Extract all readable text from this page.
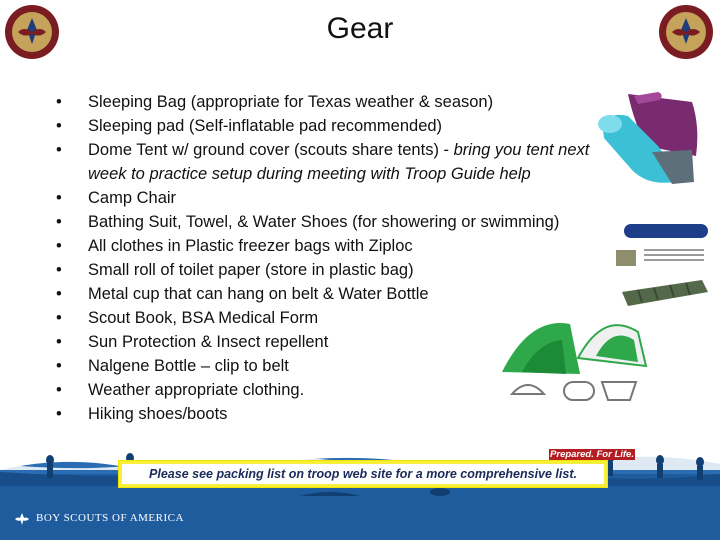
Gear
• Sleeping Bag (appropriate for Texas weather & season)
• Sleeping pad (Self-inflatable pad recommended)
• Dome Tent w/ ground cover (scouts share tents) - bring you tent next week to practice setup during meeting with Troop Guide help
• Camp Chair
• Bathing Suit, Towel, & Water Shoes (for showering or swimming)
• All clothes in Plastic freezer bags with Ziploc
• Small roll of toilet paper (store in plastic bag)
• Metal cup that can hang on belt & Water Bottle
• Scout Book, BSA Medical Form
• Sun Protection & Insect repellent
• Nalgene Bottle – clip to belt
• Weather appropriate clothing.
• Hiking shoes/boots
Prepared. For Life.
Please see packing list on troop web site for a more comprehensive list.
BOY SCOUTS OF AMERICA
